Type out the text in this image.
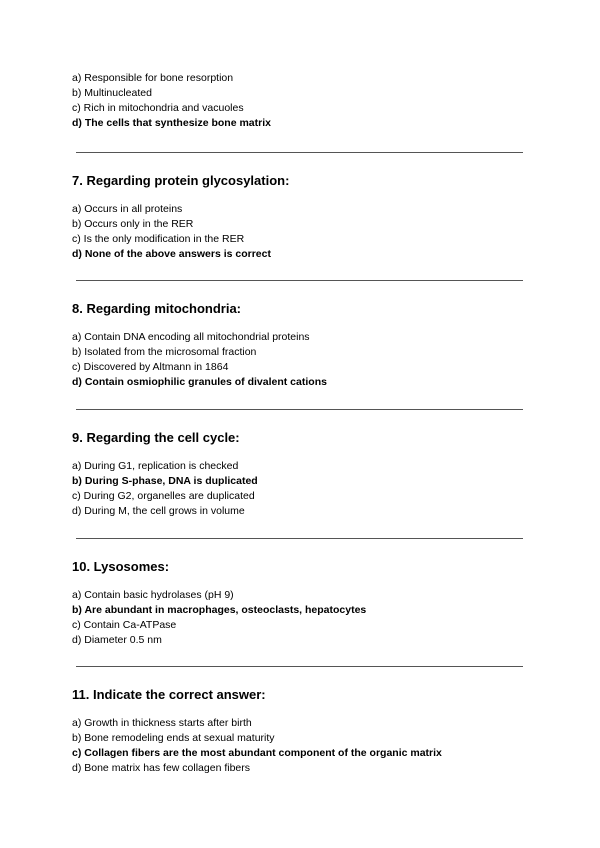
a) Responsible for bone resorption
b) Multinucleated
c) Rich in mitochondria and vacuoles
d) The cells that synthesize bone matrix
7. Regarding protein glycosylation:
a) Occurs in all proteins
b) Occurs only in the RER
c) Is the only modification in the RER
d) None of the above answers is correct
8. Regarding mitochondria:
a) Contain DNA encoding all mitochondrial proteins
b) Isolated from the microsomal fraction
c) Discovered by Altmann in 1864
d) Contain osmiophilic granules of divalent cations
9. Regarding the cell cycle:
a) During G1, replication is checked
b) During S-phase, DNA is duplicated
c) During G2, organelles are duplicated
d) During M, the cell grows in volume
10. Lysosomes:
a) Contain basic hydrolases (pH 9)
b) Are abundant in macrophages, osteoclasts, hepatocytes
c) Contain Ca-ATPase
d) Diameter 0.5 nm
11. Indicate the correct answer:
a) Growth in thickness starts after birth
b) Bone remodeling ends at sexual maturity
c) Collagen fibers are the most abundant component of the organic matrix
d) Bone matrix has few collagen fibers
